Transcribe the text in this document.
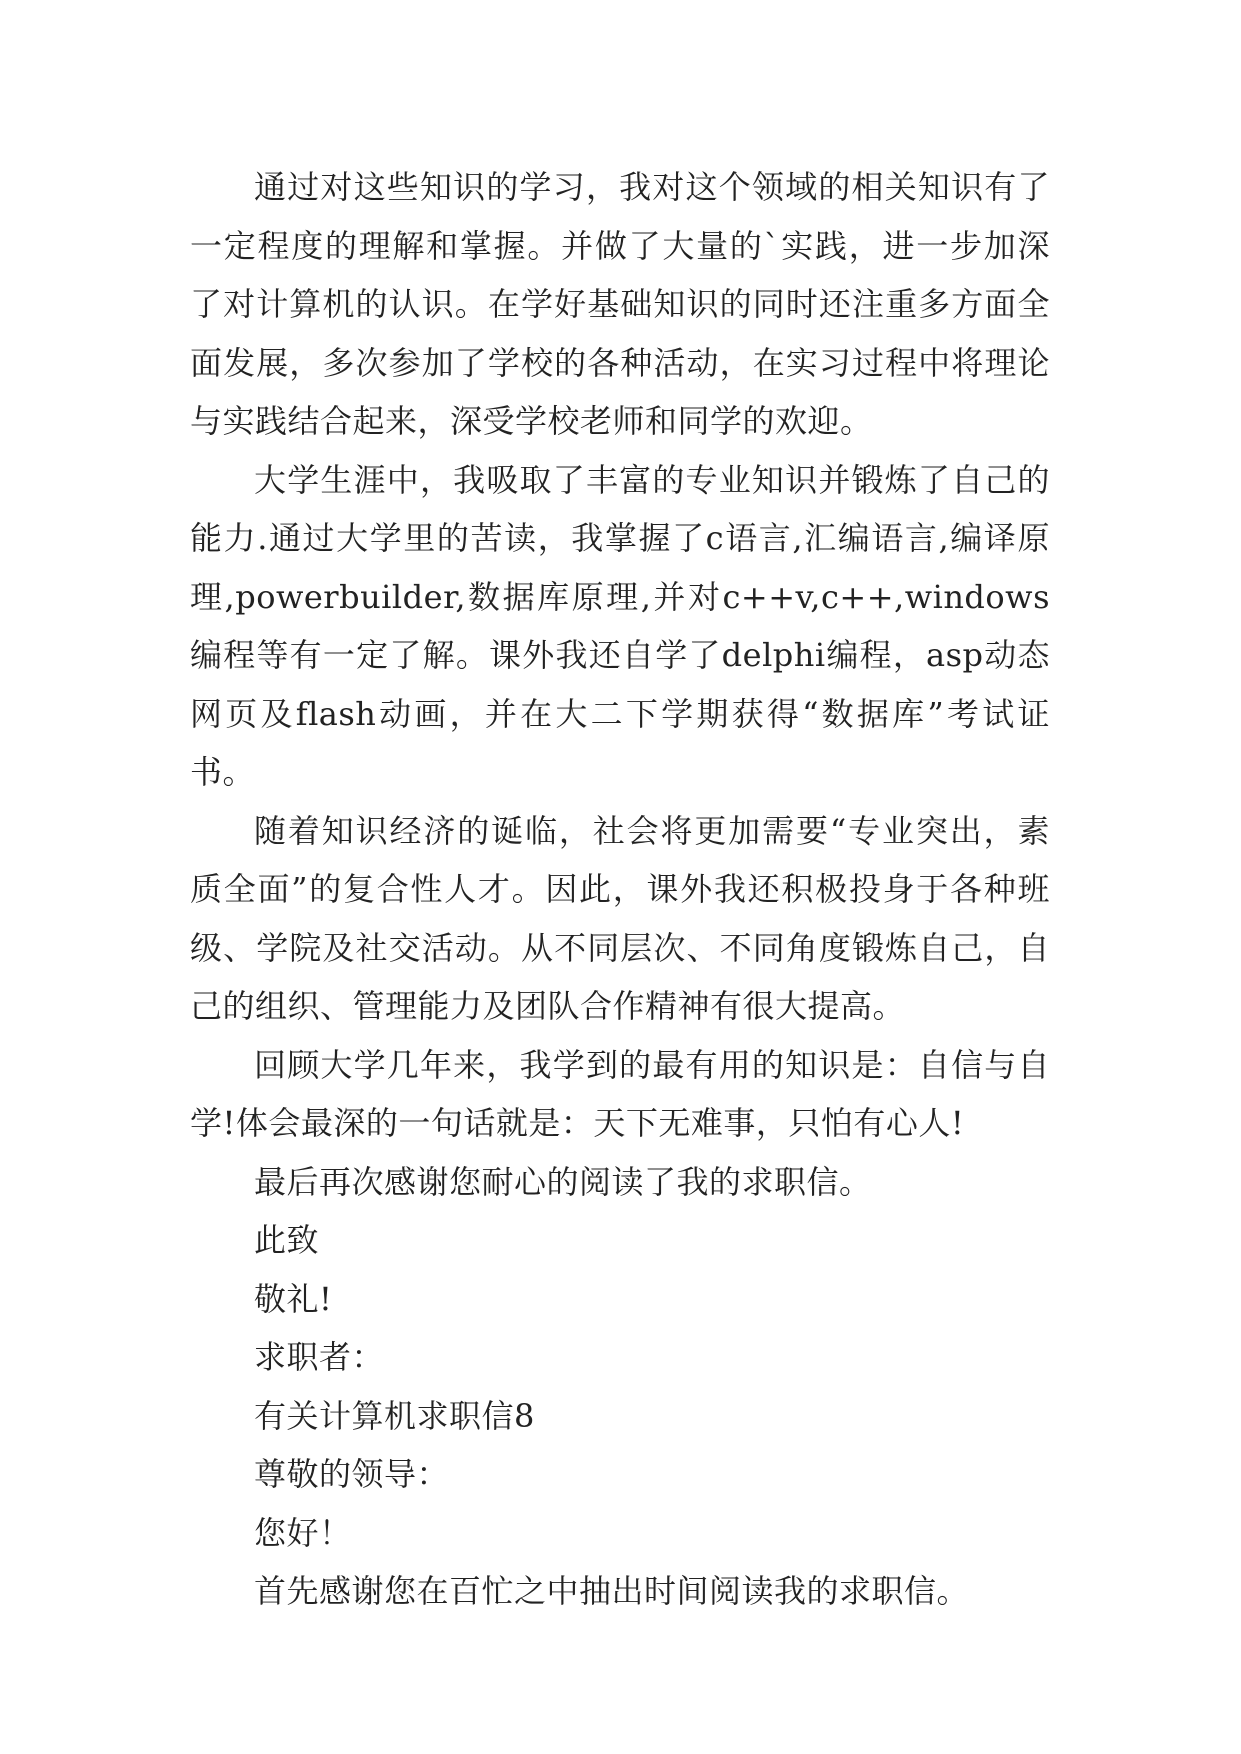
通过对这些知识的学习，我对这个领域的相关知识有了一定程度的理解和掌握。并做了大量的`实践，进一步加深了对计算机的认识。在学好基础知识的同时还注重多方面全面发展，多次参加了学校的各种活动，在实习过程中将理论与实践结合起来，深受学校老师和同学的欢迎。

大学生涯中，我吸取了丰富的专业知识并锻炼了自己的能力.通过大学里的苦读，我掌握了c语言,汇编语言,编译原理,powerbuilder,数据库原理,并对c++v,c++,windows编程等有一定了解。课外我还自学了delphi编程，asp动态网页及flash动画，并在大二下学期获得“数据库”考试证书。

随着知识经济的诞临，社会将更加需要“专业突出，素质全面”的复合性人才。因此，课外我还积极投身于各种班级、学院及社交活动。从不同层次、不同角度锻炼自己，自己的组织、管理能力及团队合作精神有很大提高。

回顾大学几年来，我学到的最有用的知识是：自信与自学!体会最深的一句话就是：天下无难事，只怕有心人!

最后再次感谢您耐心的阅读了我的求职信。

此致

敬礼!

求职者：

有关计算机求职信8

尊敬的领导：

您好！

首先感谢您在百忙之中抽出时间阅读我的求职信。
